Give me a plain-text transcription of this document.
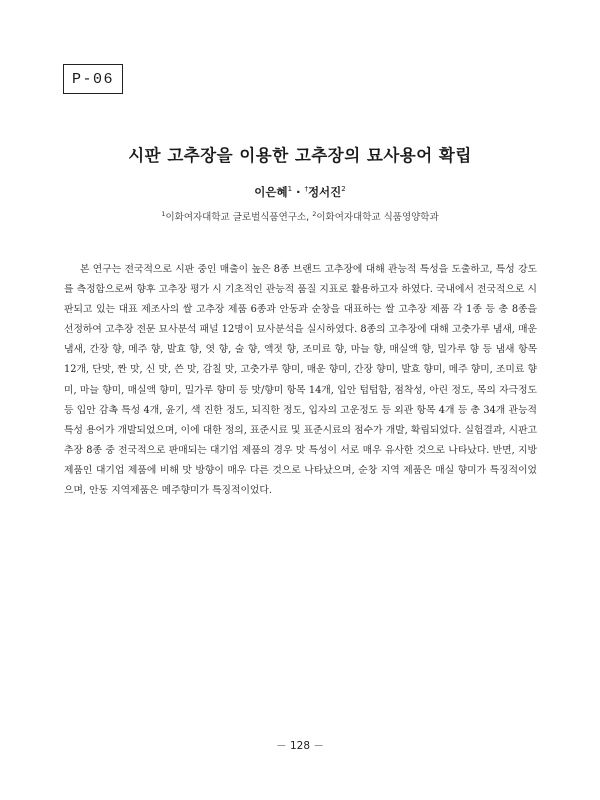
P-06
시판 고추장을 이용한 고추장의 묘사용어 확립
이은혜$^1$ · †정서진$^2$
$^1$이화여자대학교 글로벌식품연구소, $^2$이화여자대학교 식품영양학과

본 연구는 전국적으로 시판 중인 매출이 높은 8종 브랜드 고추장에 대해 관능적 특성을 도출하고, 특성 강도를 측정함으로써 향후 고추장 평가 시 기초적인 관능적 품질 지표로 활용하고자 하였다. 국내에서 전국적으로 시판되고 있는 대표 제조사의 쌀 고추장 제품 6종과 안동과 순창을 대표하는 쌀 고추장 제품 각 1종 등 총 8종을 선정하여 고추장 전문 묘사분석 패널 12명이 묘사분석을 실시하였다. 8종의 고추장에 대해 고춧가루 냄새, 매운 냄새, 간장 향, 메주 향, 발효 향, 엿 향, 술 향, 액젓 향, 조미료 향, 마늘 향, 매실액 향, 밀가루 향 등 냄새 항목 12개, 단맛, 짠 맛, 신 맛, 쓴 맛, 감칠 맛, 고춧가루 향미, 매운 향미, 간장 향미, 발효 향미, 메주 향미, 조미료 향미, 마늘 향미, 매실액 향미, 밀가루 향미 등 맛/향미 항목 14개, 입안 텁텁함, 점착성, 아린 정도, 목의 자극정도 등 입안 감촉 특성 4개, 윤기, 색 진한 정도, 되직한 정도, 입자의 고운정도 등 외관 항목 4개 등 총 34개 관능적 특성 용어가 개발되었으며, 이에 대한 정의, 표준시료 및 표준시료의 점수가 개발, 확립되었다. 실험결과, 시판고추장 8종 중 전국적으로 판매되는 대기업 제품의 경우 맛 특성이 서로 매우 유사한 것으로 나타났다. 반면, 지방제품인 대기업 제품에 비해 맛 방향이 매우 다른 것으로 나타났으며, 순창 지역 제품은 매실 향미가 특징적이었으며, 안동 지역제품은 메주향미가 특징적이었다.

－ 128 －
